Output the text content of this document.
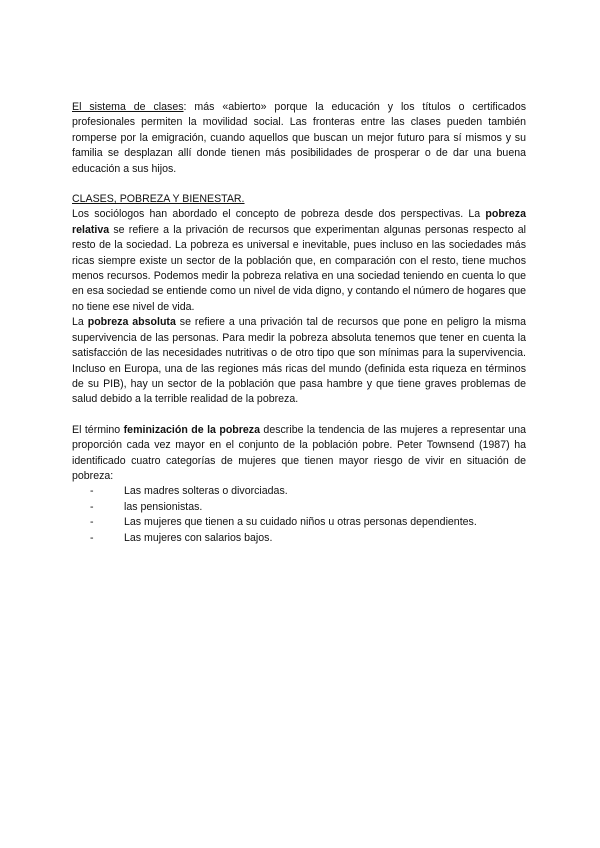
El sistema de clases: más «abierto» porque la educación y los títulos o certificados profesionales permiten la movilidad social. Las fronteras entre las clases pueden también romperse por la emigración, cuando aquellos que buscan un mejor futuro para sí mismos y su familia se desplazan allí donde tienen más posibilidades de prosperar o de dar una buena educación a sus hijos.

CLASES, POBREZA Y BIENESTAR.

Los sociólogos han abordado el concepto de pobreza desde dos perspectivas. La pobreza relativa se refiere a la privación de recursos que experimentan algunas personas respecto al resto de la sociedad. La pobreza es universal e inevitable, pues incluso en las sociedades más ricas siempre existe un sector de la población que, en comparación con el resto, tiene muchos menos recursos. Podemos medir la pobreza relativa en una sociedad teniendo en cuenta lo que en esa sociedad se entiende como un nivel de vida digno, y contando el número de hogares que no tiene ese nivel de vida.

La pobreza absoluta se refiere a una privación tal de recursos que pone en peligro la misma supervivencia de las personas. Para medir la pobreza absoluta tenemos que tener en cuenta la satisfacción de las necesidades nutritivas o de otro tipo que son mínimas para la supervivencia. Incluso en Europa, una de las regiones más ricas del mundo (definida esta riqueza en términos de su PIB), hay un sector de la población que pasa hambre y que tiene graves problemas de salud debido a la terrible realidad de la pobreza.

El término feminización de la pobreza describe la tendencia de las mujeres a representar una proporción cada vez mayor en el conjunto de la población pobre. Peter Townsend (1987) ha identificado cuatro categorías de mujeres que tienen mayor riesgo de vivir en situación de pobreza:

-	Las madres solteras o divorciadas.
-	las pensionistas.
-	Las mujeres que tienen a su cuidado niños u otras personas dependientes.
-	Las mujeres con salarios bajos.
